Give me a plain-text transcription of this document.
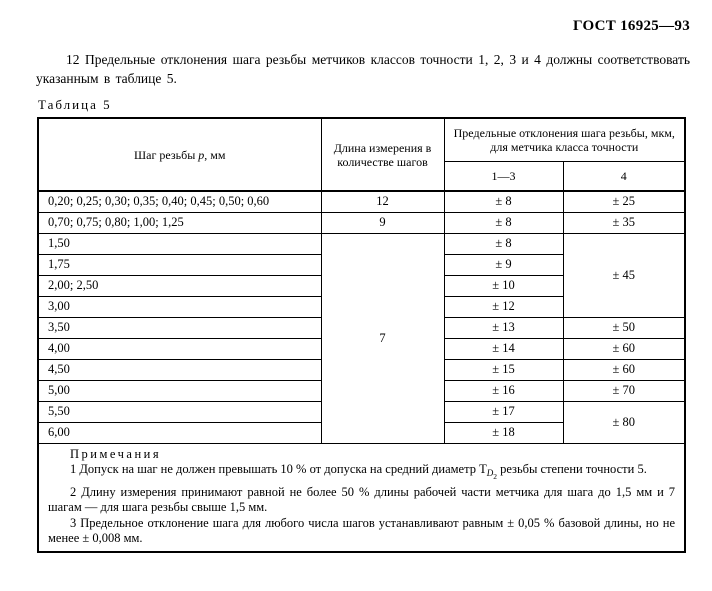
ГОСТ 16925—93

12 Предельные отклонения шага резьбы метчиков классов точности 1, 2, 3 и 4 должны соответствовать указанным в таблице 5.

Таблица 5
Шаг резьбы р, мм	Длина измерения в количестве шагов	Предельные отклонения шага резьбы, мкм, для метчика класса точности	
		1—3	4
0,20; 0,25; 0,30; 0,35; 0,40; 0,45; 0,50; 0,60	12	± 8	± 25
0,70; 0,75; 0,80; 1,00; 1,25	9	± 8	± 35
1,50	7	± 8	± 45
1,75		± 9	
2,00; 2,50		± 10	
3,00		± 12	
3,50		± 13	± 50
4,00		± 14	± 60
4,50		± 15	± 60
5,00		± 16	± 70
5,50		± 17	± 80
6,00		± 18	

Примечания
1 Допуск на шаг не должен превышать 10 % от допуска на средний диаметр $Т_{D2}$ резьбы степени точности 5.
2 Длину измерения принимают равной не более 50 % длины рабочей части метчика для шага до 1,5 мм и 7 шагам — для шага резьбы свыше 1,5 мм.
3 Предельное отклонение шага для любого числа шагов устанавливают равным ± 0,05 % базовой длины, но не менее ± 0,008 мм.			
